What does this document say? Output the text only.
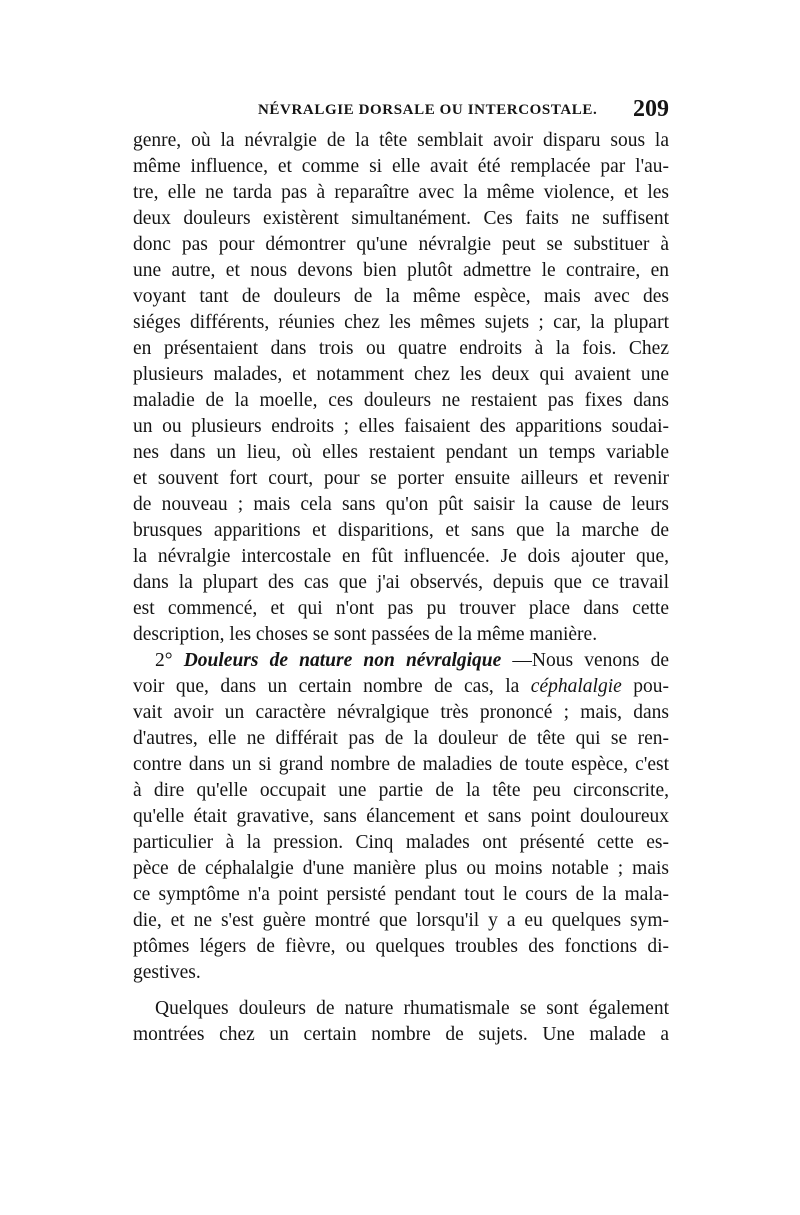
NÉVRALGIE DORSALE OU INTERCOSTALE. 209
genre, où la névralgie de la tête semblait avoir disparu sous la
même influence, et comme si elle avait été remplacée par l'au-
tre, elle ne tarda pas à reparaître avec la même violence, et les
deux douleurs existèrent simultanément. Ces faits ne suffisent
donc pas pour démontrer qu'une névralgie peut se substituer à
une autre, et nous devons bien plutôt admettre le contraire, en
voyant tant de douleurs de la même espèce, mais avec des
siéges différents, réunies chez les mêmes sujets ; car, la plupart
en présentaient dans trois ou quatre endroits à la fois. Chez
plusieurs malades, et notamment chez les deux qui avaient une
maladie de la moelle, ces douleurs ne restaient pas fixes dans
un ou plusieurs endroits ; elles faisaient des apparitions soudai-
nes dans un lieu, où elles restaient pendant un temps variable
et souvent fort court, pour se porter ensuite ailleurs et revenir
de nouveau ; mais cela sans qu'on pût saisir la cause de leurs
brusques apparitions et disparitions, et sans que la marche de
la névralgie intercostale en fût influencée. Je dois ajouter que,
dans la plupart des cas que j'ai observés, depuis que ce travail
est commencé, et qui n'ont pas pu trouver place dans cette
description, les choses se sont passées de la même manière.
2° Douleurs de nature non névralgique —Nous venons de
voir que, dans un certain nombre de cas, la céphalalgie pou-
vait avoir un caractère névralgique très prononcé ; mais, dans
d'autres, elle ne différait pas de la douleur de tête qui se ren-
contre dans un si grand nombre de maladies de toute espèce, c'est
à dire qu'elle occupait une partie de la tête peu circonscrite,
qu'elle était gravative, sans élancement et sans point douloureux
particulier à la pression. Cinq malades ont présenté cette es-
pèce de céphalalgie d'une manière plus ou moins notable ; mais
ce symptôme n'a point persisté pendant tout le cours de la mala-
die, et ne s'est guère montré que lorsqu'il y a eu quelques sym-
ptômes légers de fièvre, ou quelques troubles des fonctions di-
gestives.
Quelques douleurs de nature rhumatismale se sont également
montrées chez un certain nombre de sujets. Une malade a
